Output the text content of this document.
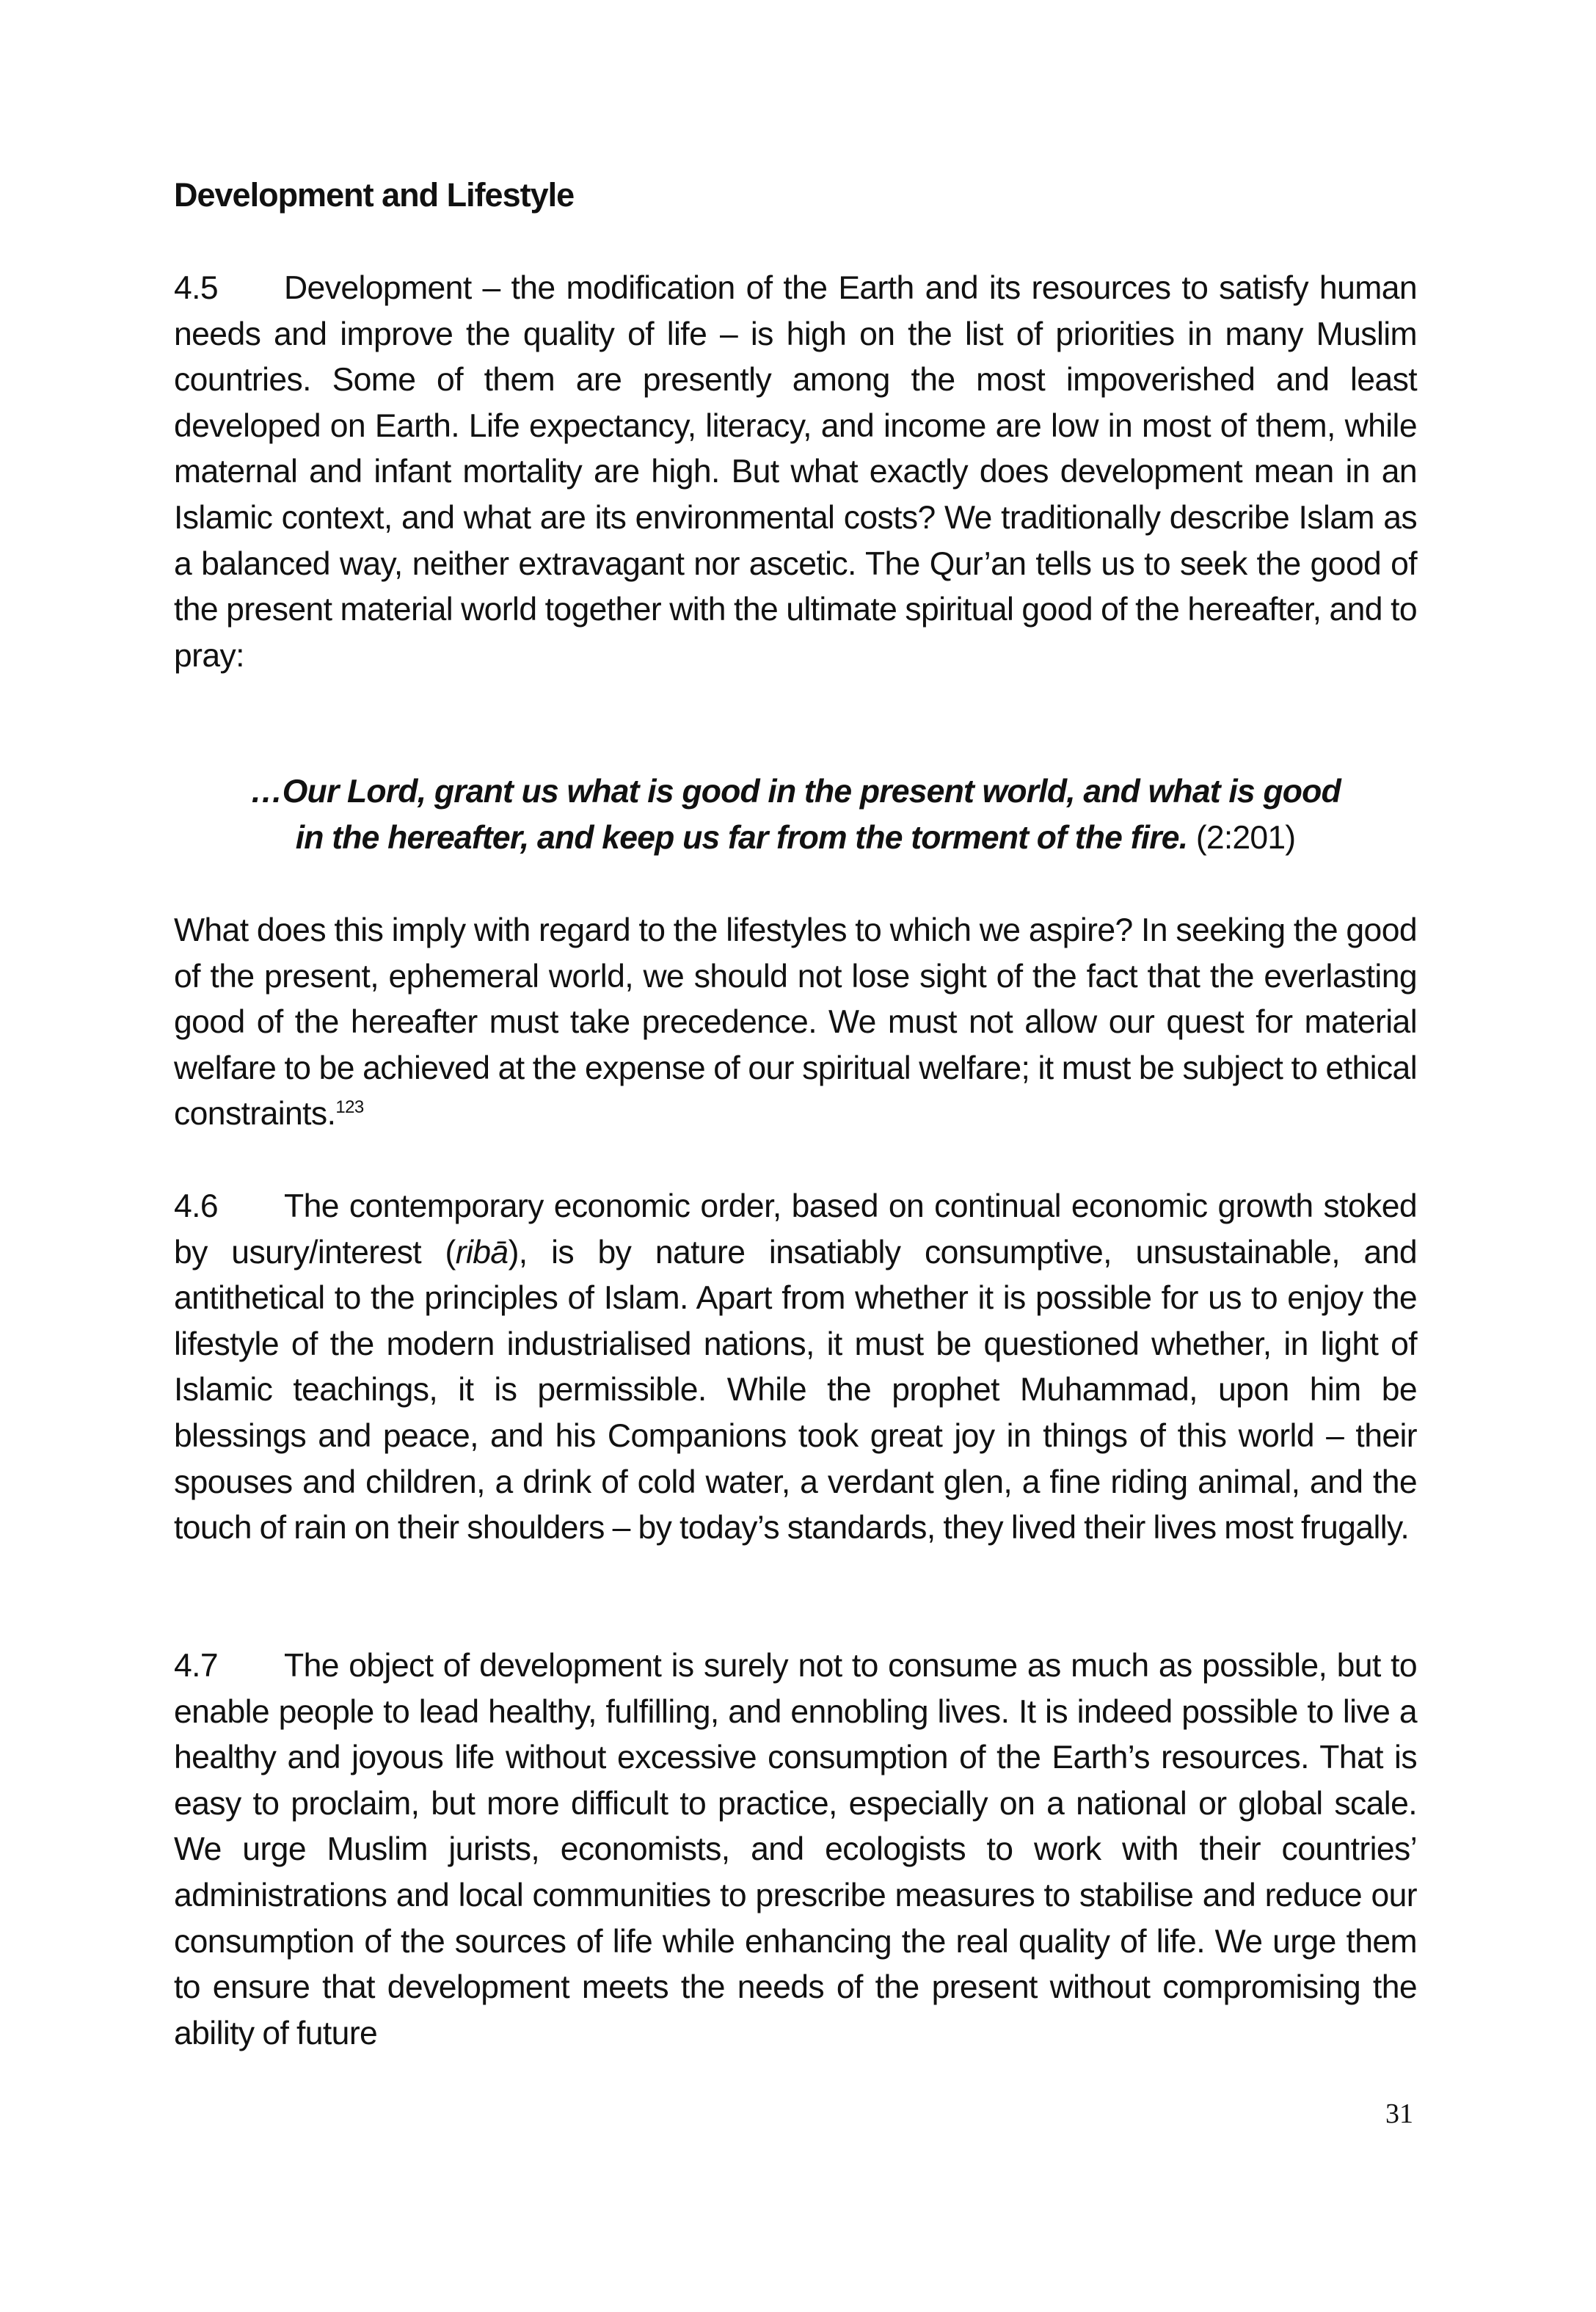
Development and Lifestyle
4.5 Development – the modification of the Earth and its resources to satisfy human needs and improve the quality of life – is high on the list of priorities in many Muslim countries. Some of them are presently among the most impoverished and least developed on Earth. Life expectancy, literacy, and income are low in most of them, while maternal and infant mortality are high. But what exactly does development mean in an Islamic context, and what are its environmental costs? We traditionally describe Islam as a balanced way, neither extravagant nor ascetic. The Qur’an tells us to seek the good of the present material world together with the ultimate spiritual good of the hereafter, and to pray:
…Our Lord, grant us what is good in the present world, and what is good
in the hereafter, and keep us far from the torment of the fire. (2:201)
What does this imply with regard to the lifestyles to which we aspire? In seeking the good of the present, ephemeral world, we should not lose sight of the fact that the everlasting good of the hereafter must take precedence. We must not allow our quest for material welfare to be achieved at the expense of our spiritual welfare; it must be subject to ethical constraints.$^{123}$
4.6 The contemporary economic order, based on continual economic growth stoked by usury/interest (ribā), is by nature insatiably consumptive, unsustainable, and antithetical to the principles of Islam. Apart from whether it is possible for us to enjoy the lifestyle of the modern industrialised nations, it must be questioned whether, in light of Islamic teachings, it is permissible. While the prophet Muhammad, upon him be blessings and peace, and his Companions took great joy in things of this world – their spouses and children, a drink of cold water, a verdant glen, a fine riding animal, and the touch of rain on their shoulders – by today’s standards, they lived their lives most frugally.
4.7 The object of development is surely not to consume as much as possible, but to enable people to lead healthy, fulfilling, and ennobling lives. It is indeed possible to live a healthy and joyous life without excessive consumption of the Earth’s resources. That is easy to proclaim, but more difficult to practice, especially on a national or global scale. We urge Muslim jurists, economists, and ecologists to work with their countries’ administrations and local communities to prescribe measures to stabilise and reduce our consumption of the sources of life while enhancing the real quality of life. We urge them to ensure that development meets the needs of the present without compromising the ability of future
31
